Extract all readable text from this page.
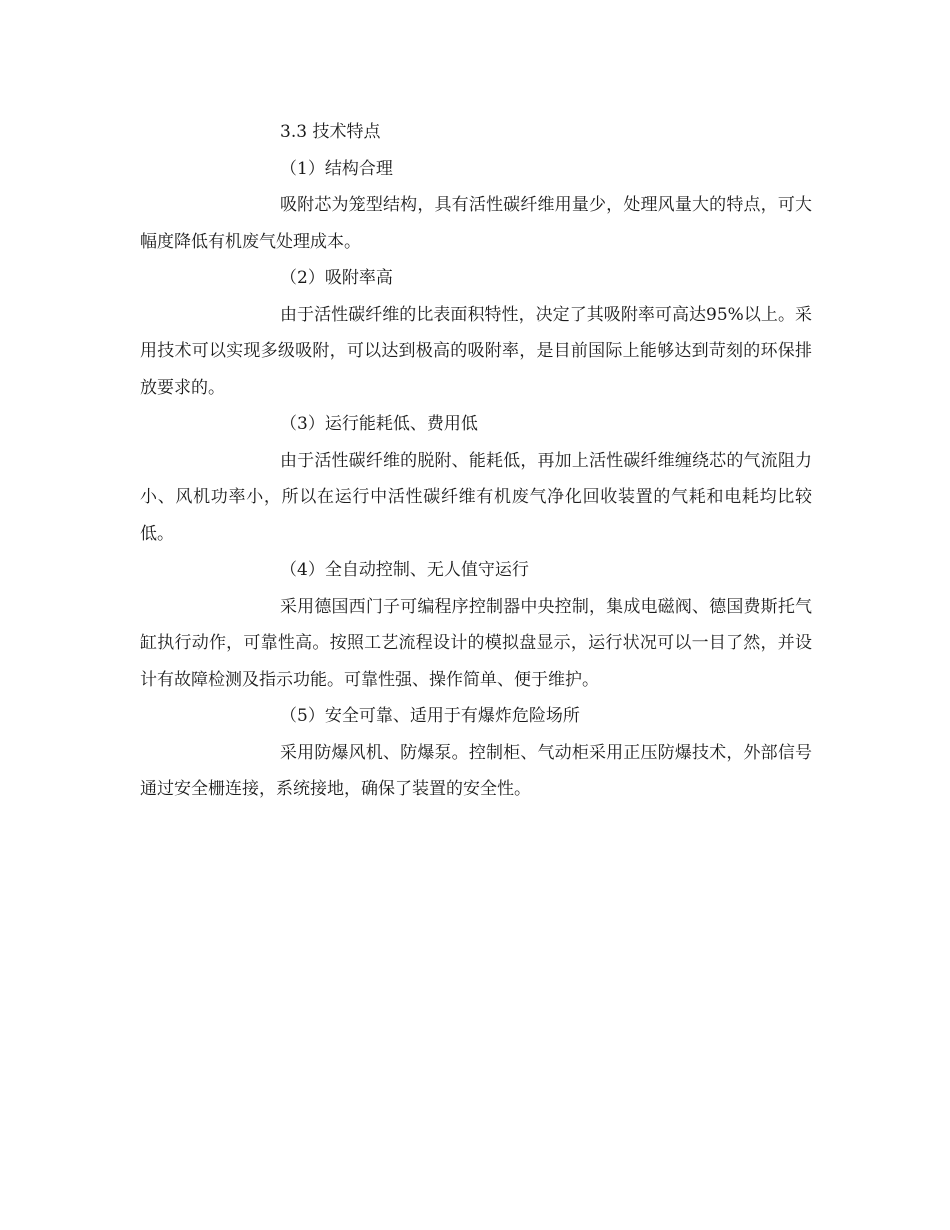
3.3 技术特点

（1）结构合理

吸附芯为笼型结构，具有活性碳纤维用量少，处理风量大的特点，可大幅度降低有机废气处理成本。

（2）吸附率高

由于活性碳纤维的比表面积特性，决定了其吸附率可高达95%以上。采用技术可以实现多级吸附，可以达到极高的吸附率，是目前国际上能够达到苛刻的环保排放要求的。

（3）运行能耗低、费用低

由于活性碳纤维的脱附、能耗低，再加上活性碳纤维缠绕芯的气流阻力小、风机功率小，所以在运行中活性碳纤维有机废气净化回收装置的气耗和电耗均比较低。

（4）全自动控制、无人值守运行

采用德国西门子可编程序控制器中央控制，集成电磁阀、德国费斯托气缸执行动作，可靠性高。按照工艺流程设计的模拟盘显示，运行状况可以一目了然，并设计有故障检测及指示功能。可靠性强、操作简单、便于维护。

（5）安全可靠、适用于有爆炸危险场所

采用防爆风机、防爆泵。控制柜、气动柜采用正压防爆技术，外部信号通过安全栅连接，系统接地，确保了装置的安全性。
